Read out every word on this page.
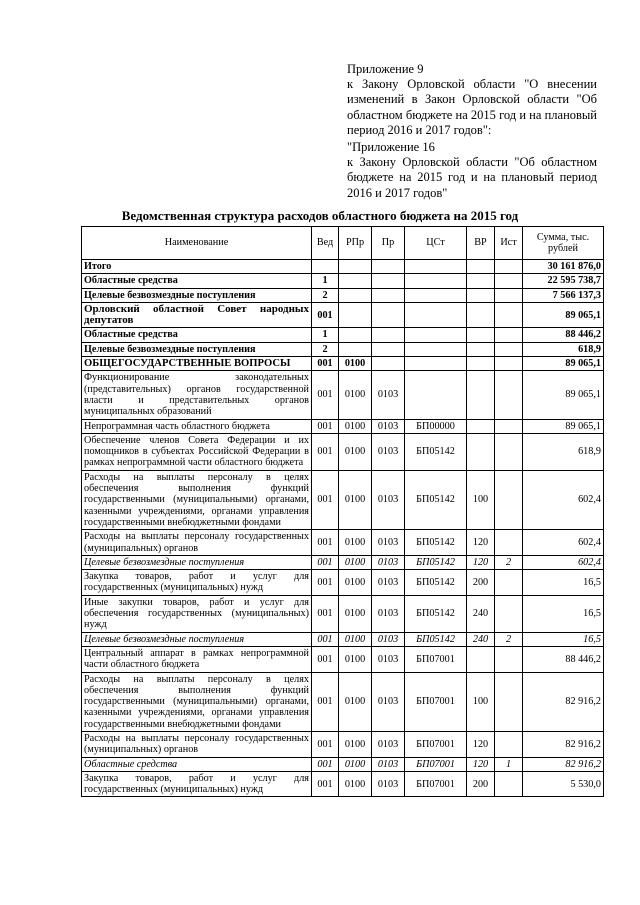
Приложение 9

к Закону Орловской области "О внесении изменений в Закон Орловской области "Об областном бюджете на 2015 год и на плановый период 2016 и 2017 годов":

"Приложение 16

к Закону Орловской области "Об областном бюджете на 2015 год и на плановый период 2016 и 2017 годов"

Ведомственная структура расходов областного бюджета на 2015 год
Наименование	Вед	РПр	Пр	ЦСт	ВР	Ист	Сумма, тыс. рублей
Итого							30 161 876,0
Областные средства	1						22 595 738,7
Целевые безвозмездные поступления	2						7 566 137,3
Орловский областной Совет народных депутатов	001						89 065,1
Областные средства	1						88 446,2
Целевые безвозмездные поступления	2						618,9
ОБЩЕГОСУДАРСТВЕННЫЕ ВОПРОСЫ	001	0100					89 065,1
Функционирование законодательных (представительных) органов государственной власти и представительных органов муниципальных образований	001	0100	0103				89 065,1
Непрограммная часть областного бюджета	001	0100	0103	БП00000			89 065,1
Обеспечение членов Совета Федерации и их помощников в субъектах Российской Федерации в рамках непрограммной части областного бюджета	001	0100	0103	БП05142			618,9
Расходы на выплаты персоналу в целях обеспечения выполнения функций государственными (муниципальными) органами, казенными учреждениями, органами управления государственными внебюджетными фондами	001	0100	0103	БП05142	100		602,4
Расходы на выплаты персоналу государственных (муниципальных) органов	001	0100	0103	БП05142	120		602,4
Целевые безвозмездные поступления	001	0100	0103	БП05142	120	2	602,4
Закупка товаров, работ и услуг для государственных (муниципальных) нужд	001	0100	0103	БП05142	200		16,5
Иные закупки товаров, работ и услуг для обеспечения государственных (муниципальных) нужд	001	0100	0103	БП05142	240		16,5
Целевые безвозмездные поступления	001	0100	0103	БП05142	240	2	16,5
Центральный аппарат в рамках непрограммной части областного бюджета	001	0100	0103	БП07001			88 446,2
Расходы на выплаты персоналу в целях обеспечения выполнения функций государственными (муниципальными) органами, казенными учреждениями, органами управления государственными внебюджетными фондами	001	0100	0103	БП07001	100		82 916,2
Расходы на выплаты персоналу государственных (муниципальных) органов	001	0100	0103	БП07001	120		82 916,2
Областные средства	001	0100	0103	БП07001	120	1	82 916,2
Закупка товаров, работ и услуг для государственных (муниципальных) нужд	001	0100	0103	БП07001	200		5 530,0
